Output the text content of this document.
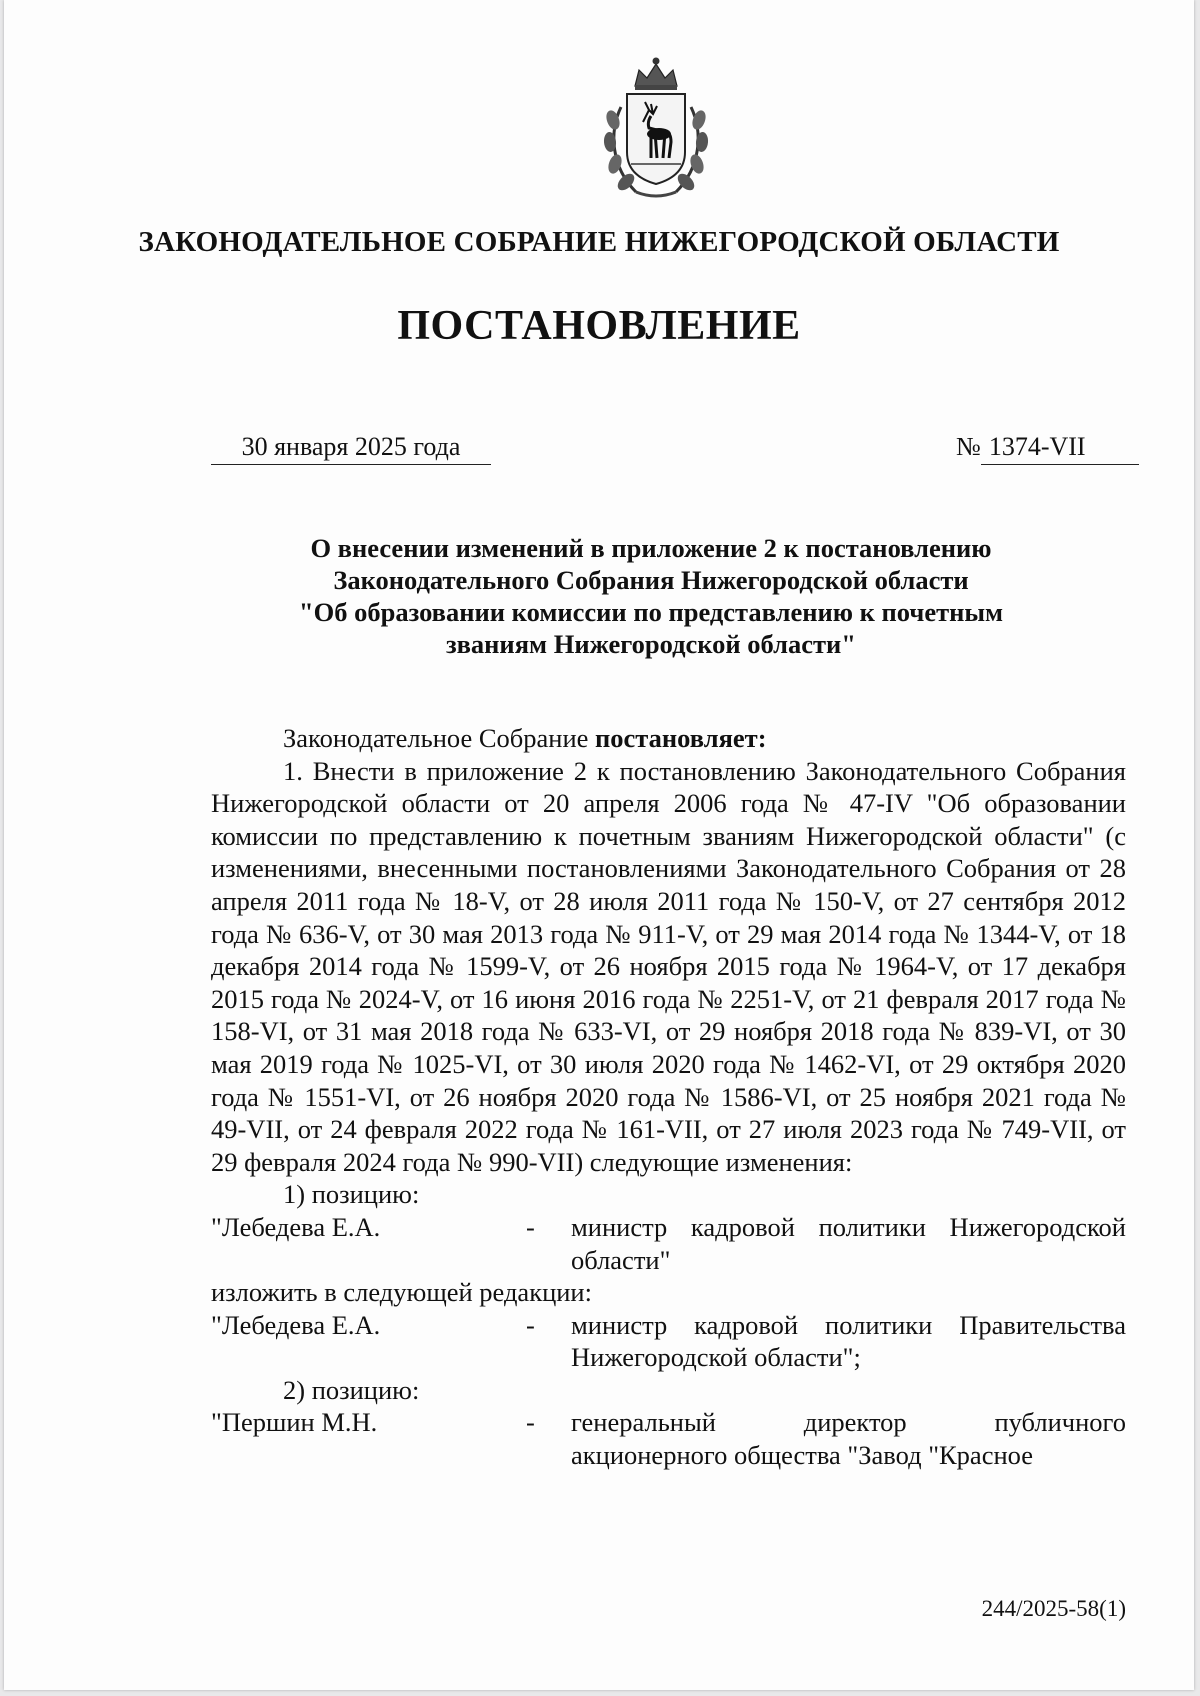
ЗАКОНОДАТЕЛЬНОЕ СОБРАНИЕ НИЖЕГОРОДСКОЙ ОБЛАСТИ
ПОСТАНОВЛЕНИЕ
30 января 2025 года	№ 1374-VII
О внесении изменений в приложение 2 к постановлению
Законодательного Собрания Нижегородской области
"Об образовании комиссии по представлению к почетным
званиям Нижегородской области"

Законодательное Собрание постановляет:

1. Внести в приложение 2 к постановлению Законодательного Собрания Нижегородской области от 20 апреля 2006 года № 47-IV "Об образовании комиссии по представлению к почетным званиям Нижегородской области" (с изменениями, внесенными постановлениями Законодательного Собрания от 28 апреля 2011 года № 18-V, от 28 июля 2011 года № 150-V, от 27 сентября 2012 года № 636-V, от 30 мая 2013 года № 911-V, от 29 мая 2014 года № 1344-V, от 18 декабря 2014 года № 1599-V, от 26 ноября 2015 года № 1964-V, от 17 декабря 2015 года № 2024-V, от 16 июня 2016 года № 2251-V, от 21 февраля 2017 года № 158-VI, от 31 мая 2018 года № 633-VI, от 29 ноября 2018 года № 839-VI, от 30 мая 2019 года № 1025-VI, от 30 июля 2020 года № 1462-VI, от 29 октября 2020 года № 1551-VI, от 26 ноября 2020 года № 1586-VI, от 25 ноября 2021 года № 49-VII, от 24 февраля 2022 года № 161-VII, от 27 июля 2023 года № 749-VII, от 29 февраля 2024 года № 990-VII) следующие изменения:

1) позицию:

"Лебедева Е.А.	-	министр кадровой политики Нижегородской области"

изложить в следующей редакции:

"Лебедева Е.А.	-	министр кадровой политики Правительства Нижегородской области";

2) позицию:

"Першин М.Н.	-	генеральный директор публичного акционерного общества "Завод "Красное
244/2025-58(1)
